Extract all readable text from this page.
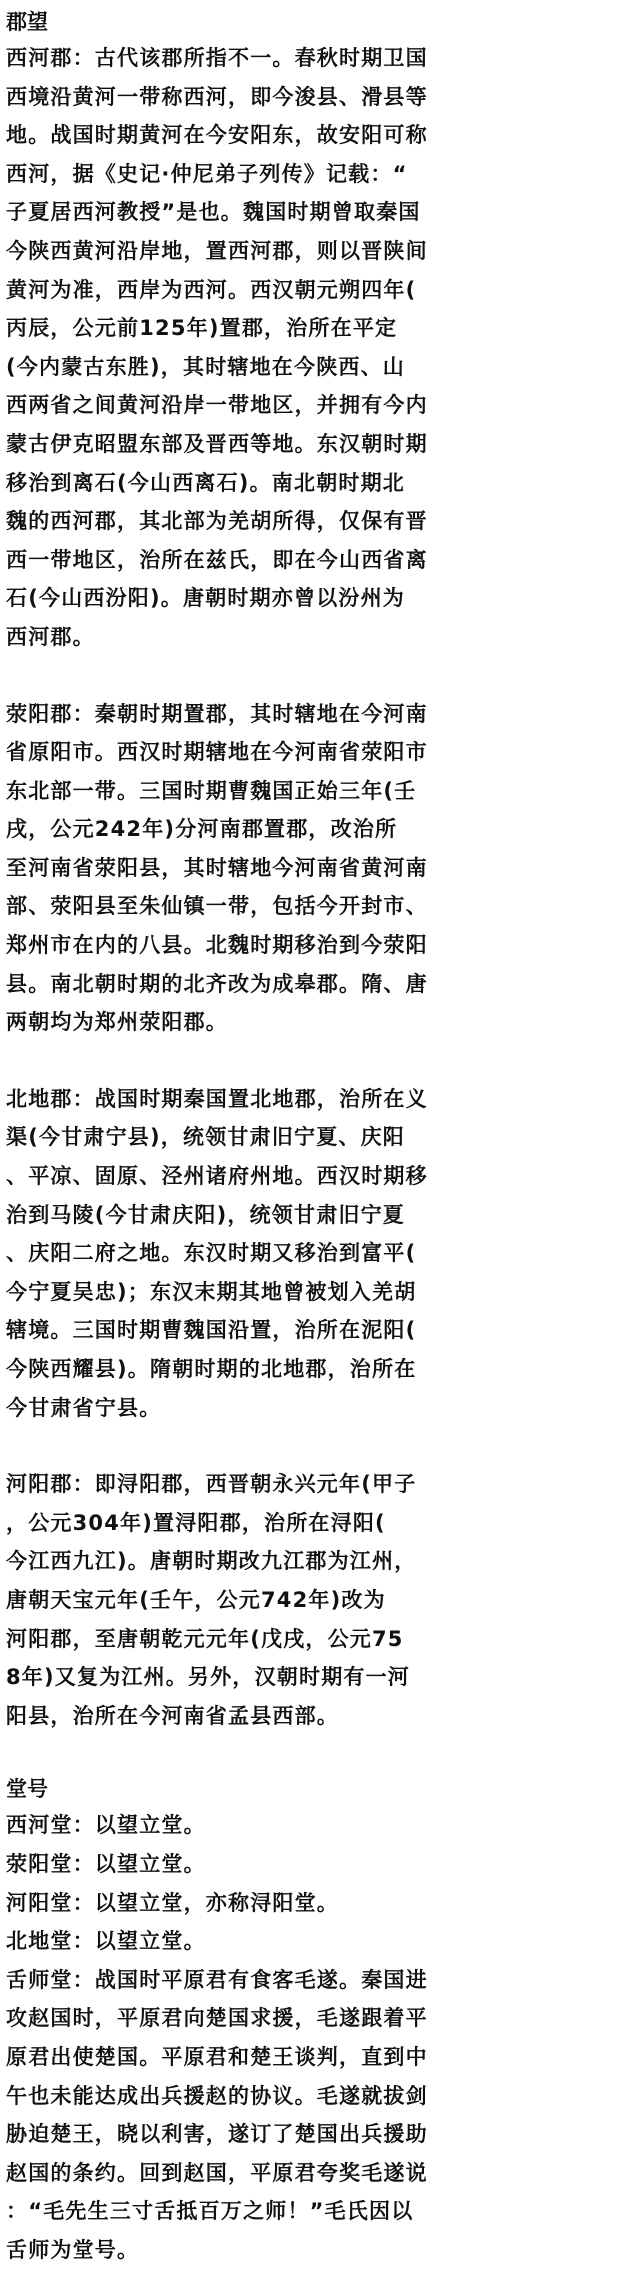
郡望

西河郡：古代该郡所指不一。春秋时期卫国
西境沿黄河一带称西河，即今浚县、滑县等
地。战国时期黄河在今安阳东，故安阳可称
西河，据《史记·仲尼弟子列传》记载：“
子夏居西河教授”是也。魏国时期曾取秦国
今陕西黄河沿岸地，置西河郡，则以晋陕间
黄河为准，西岸为西河。西汉朝元朔四年(
丙辰，公元前125年)置郡，治所在平定
(今内蒙古东胜)，其时辖地在今陕西、山
西两省之间黄河沿岸一带地区，并拥有今内
蒙古伊克昭盟东部及晋西等地。东汉朝时期
移治到离石(今山西离石)。南北朝时期北
魏的西河郡，其北部为羌胡所得，仅保有晋
西一带地区，治所在兹氏，即在今山西省离
石(今山西汾阳)。唐朝时期亦曾以汾州为
西河郡。

荥阳郡：秦朝时期置郡，其时辖地在今河南
省原阳市。西汉时期辖地在今河南省荥阳市
东北部一带。三国时期曹魏国正始三年(壬
戌，公元242年)分河南郡置郡，改治所
至河南省荥阳县，其时辖地今河南省黄河南
部、荥阳县至朱仙镇一带，包括今开封市、
郑州市在内的八县。北魏时期移治到今荥阳
县。南北朝时期的北齐改为成皋郡。隋、唐
两朝均为郑州荥阳郡。

北地郡：战国时期秦国置北地郡，治所在义
渠(今甘肃宁县)，统领甘肃旧宁夏、庆阳
、平凉、固原、泾州诸府州地。西汉时期移
治到马陵(今甘肃庆阳)，统领甘肃旧宁夏
、庆阳二府之地。东汉时期又移治到富平(
今宁夏吴忠)；东汉末期其地曾被划入羌胡
辖境。三国时期曹魏国沿置，治所在泥阳(
今陕西耀县)。隋朝时期的北地郡，治所在
今甘肃省宁县。

河阳郡：即浔阳郡，西晋朝永兴元年(甲子
，公元304年)置浔阳郡，治所在浔阳(
今江西九江)。唐朝时期改九江郡为江州，
唐朝天宝元年(壬午，公元742年)改为
河阳郡，至唐朝乾元元年(戊戌，公元75
8年)又复为江州。另外，汉朝时期有一河
阳县，治所在今河南省孟县西部。

堂号

西河堂：以望立堂。
荥阳堂：以望立堂。
河阳堂：以望立堂，亦称浔阳堂。
北地堂：以望立堂。
舌师堂：战国时平原君有食客毛遂。秦国进
攻赵国时，平原君向楚国求援，毛遂跟着平
原君出使楚国。平原君和楚王谈判，直到中
午也未能达成出兵援赵的协议。毛遂就拔剑
胁迫楚王，晓以利害，遂订了楚国出兵援助
赵国的条约。回到赵国，平原君夸奖毛遂说
：“毛先生三寸舌抵百万之师！”毛氏因以
舌师为堂号。
